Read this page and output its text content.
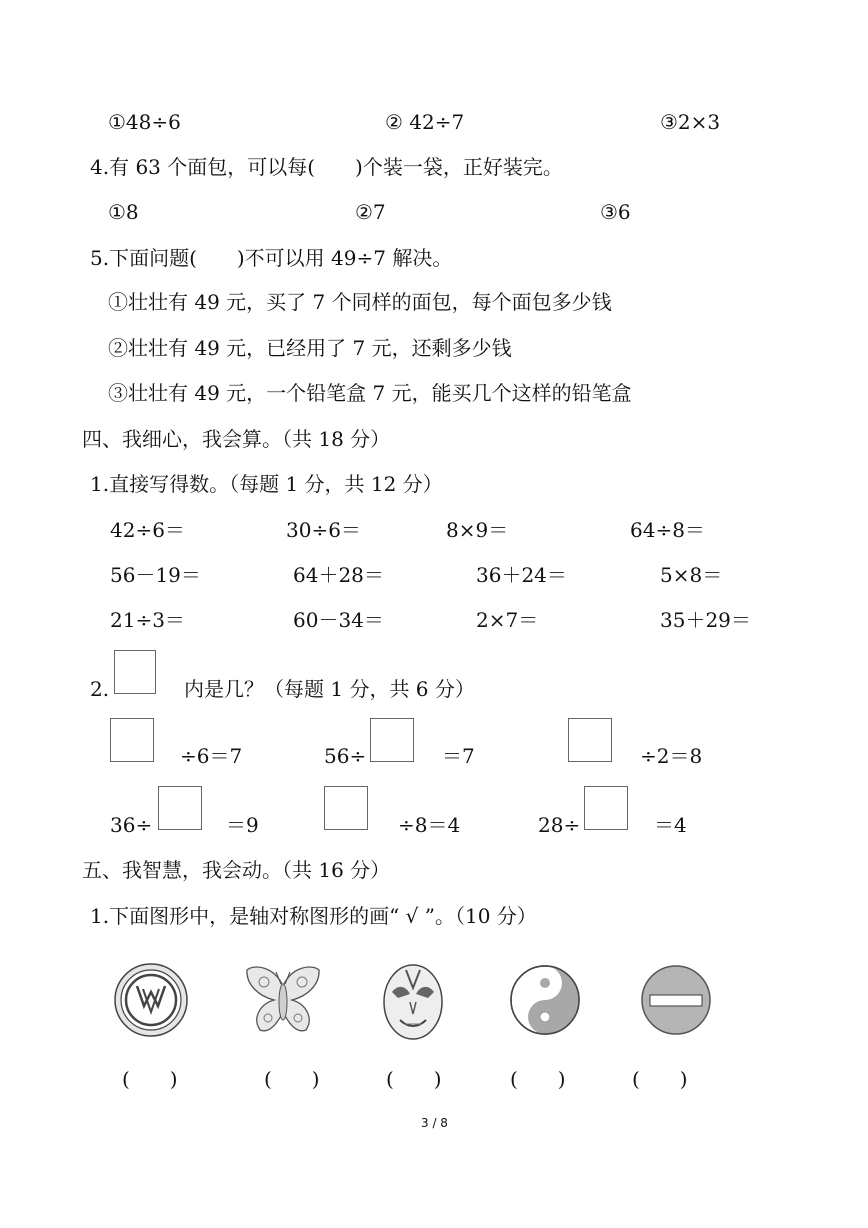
①48÷6	② 42÷7	③2×3
4.有 63 个面包，可以每(　　)个装一袋，正好装完。
①8	②7	③6
5.下面问题(　　)不可以用 49÷7 解决。
①壮壮有 49 元，买了 7 个同样的面包，每个面包多少钱
②壮壮有 49 元，已经用了 7 元，还剩多少钱
③壮壮有 49 元，一个铅笔盒 7 元，能买几个这样的铅笔盒
四、我细心，我会算。（共 18 分）
1.直接写得数。（每题 1 分，共 12 分）
42÷6＝	30÷6＝	8×9＝	64÷8＝
56－19＝	64＋28＝	36＋24＝	5×8＝
21÷3＝	60－34＝	2×7＝	35＋29＝
2.	内是几？（每题 1 分，共 6 分）
÷6＝7	56÷	＝7	÷2＝8
36÷	＝9	÷8＝4	28÷	＝4
五、我智慧，我会动。（共 16 分）
1.下面图形中，是轴对称图形的画“ √ ”。（10 分）
(　　)	(　　)	(　　)	(　　)	(　　)
3 / 8
